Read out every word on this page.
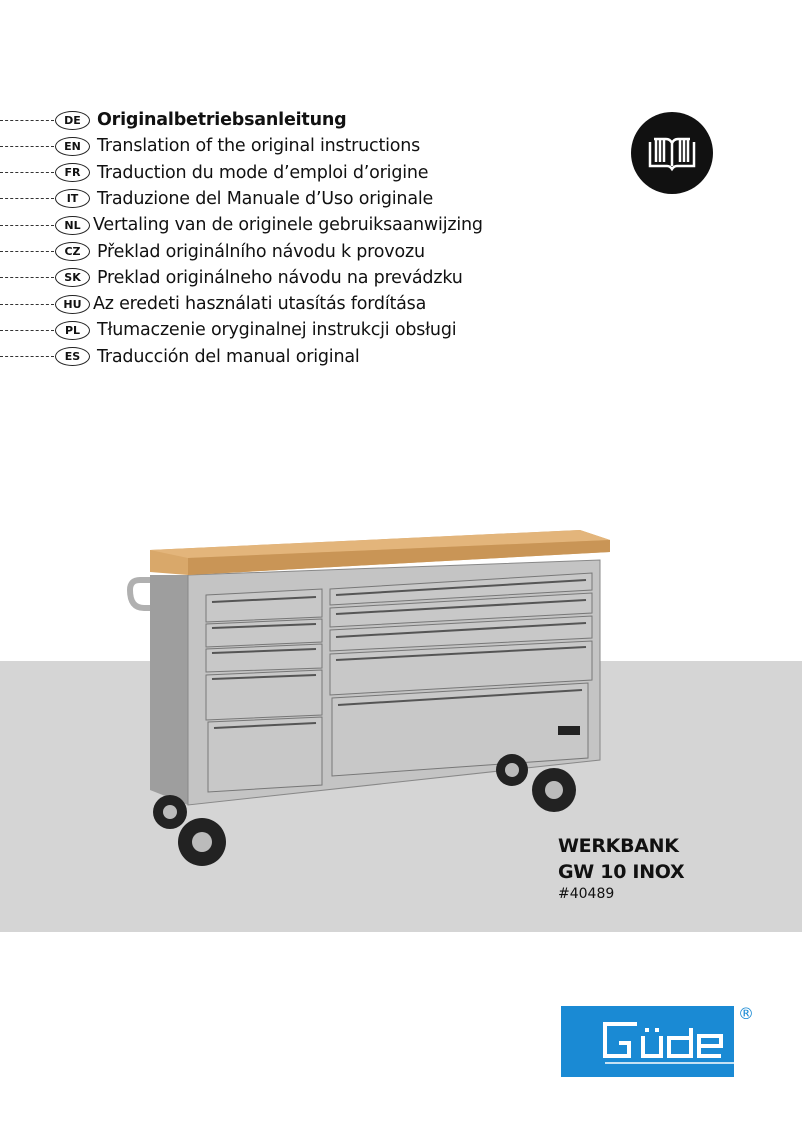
DE Originalbetriebsanleitung
EN Translation of the original instructions
FR Traduction du mode d’emploi d’origine
IT	Traduzione del Manuale d’Uso originale
NL Vertaling van de originele gebruiksaanwijzing
CZ Překlad originálního návodu k provozu
SK Preklad originálneho návodu na prevádzku
HU Az eredeti használati utasítás fordítása
PL Tłumaczenie oryginalnej instrukcji obsługi
ES Traducción del manual original
WERKBANK
GW 10 INOX
#40489
®
